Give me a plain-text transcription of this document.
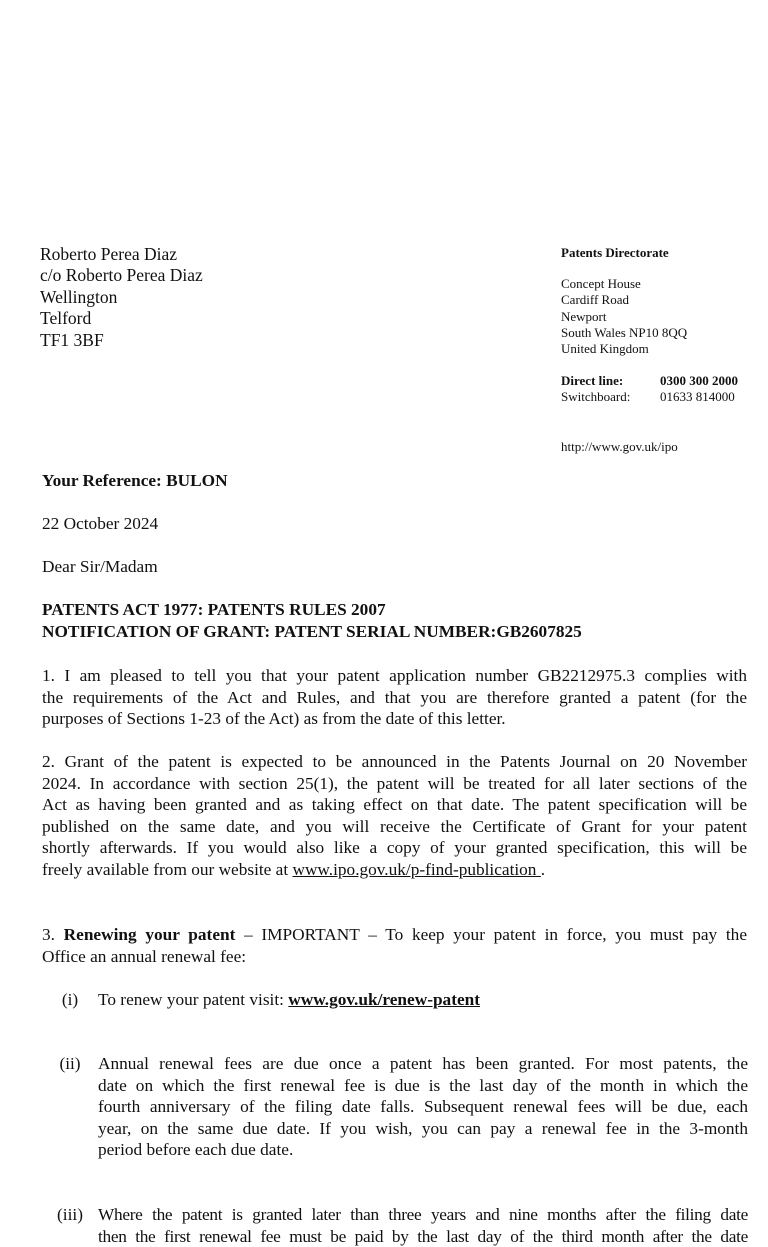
Roberto Perea Diaz
c/o Roberto Perea Diaz
Wellington
Telford
TF1 3BF
Patents Directorate
Concept House
Cardiff Road
Newport
South Wales NP10 8QQ
United Kingdom
Direct line:	0300 300 2000
Switchboard:	01633 814000
http://www.gov.uk/ipo
Your Reference: BULON
22 October 2024
Dear Sir/Madam
PATENTS ACT 1977: PATENTS RULES 2007
NOTIFICATION OF GRANT: PATENT SERIAL NUMBER:GB2607825
1. I am pleased to tell you that your patent application number GB2212975.3 complies with
the requirements of the Act and Rules, and that you are therefore granted a patent (for the
purposes of Sections 1-23 of the Act) as from the date of this letter.
2. Grant of the patent is expected to be announced in the Patents Journal on 20 November
2024. In accordance with section 25(1), the patent will be treated for all later sections of the
Act as having been granted and as taking effect on that date. The patent specification will be
published on the same date, and you will receive the Certificate of Grant for your patent
shortly afterwards. If you would also like a copy of your granted specification, this will be
freely available from our website at www.ipo.gov.uk/p-find-publication .
3. Renewing your patent – IMPORTANT – To keep your patent in force, you must pay the
Office an annual renewal fee:
(i)	To renew your patent visit: www.gov.uk/renew-patent
(ii)	Annual renewal fees are due once a patent has been granted. For most patents, the
date on which the first renewal fee is due is the last day of the month in which the
fourth anniversary of the filing date falls. Subsequent renewal fees will be due, each
year, on the same due date. If you wish, you can pay a renewal fee in the 3-month
period before each due date.
(iii) Where the patent is granted later than three years and nine months after the filing date
then the first renewal fee must be paid by the last day of the third month after the date
